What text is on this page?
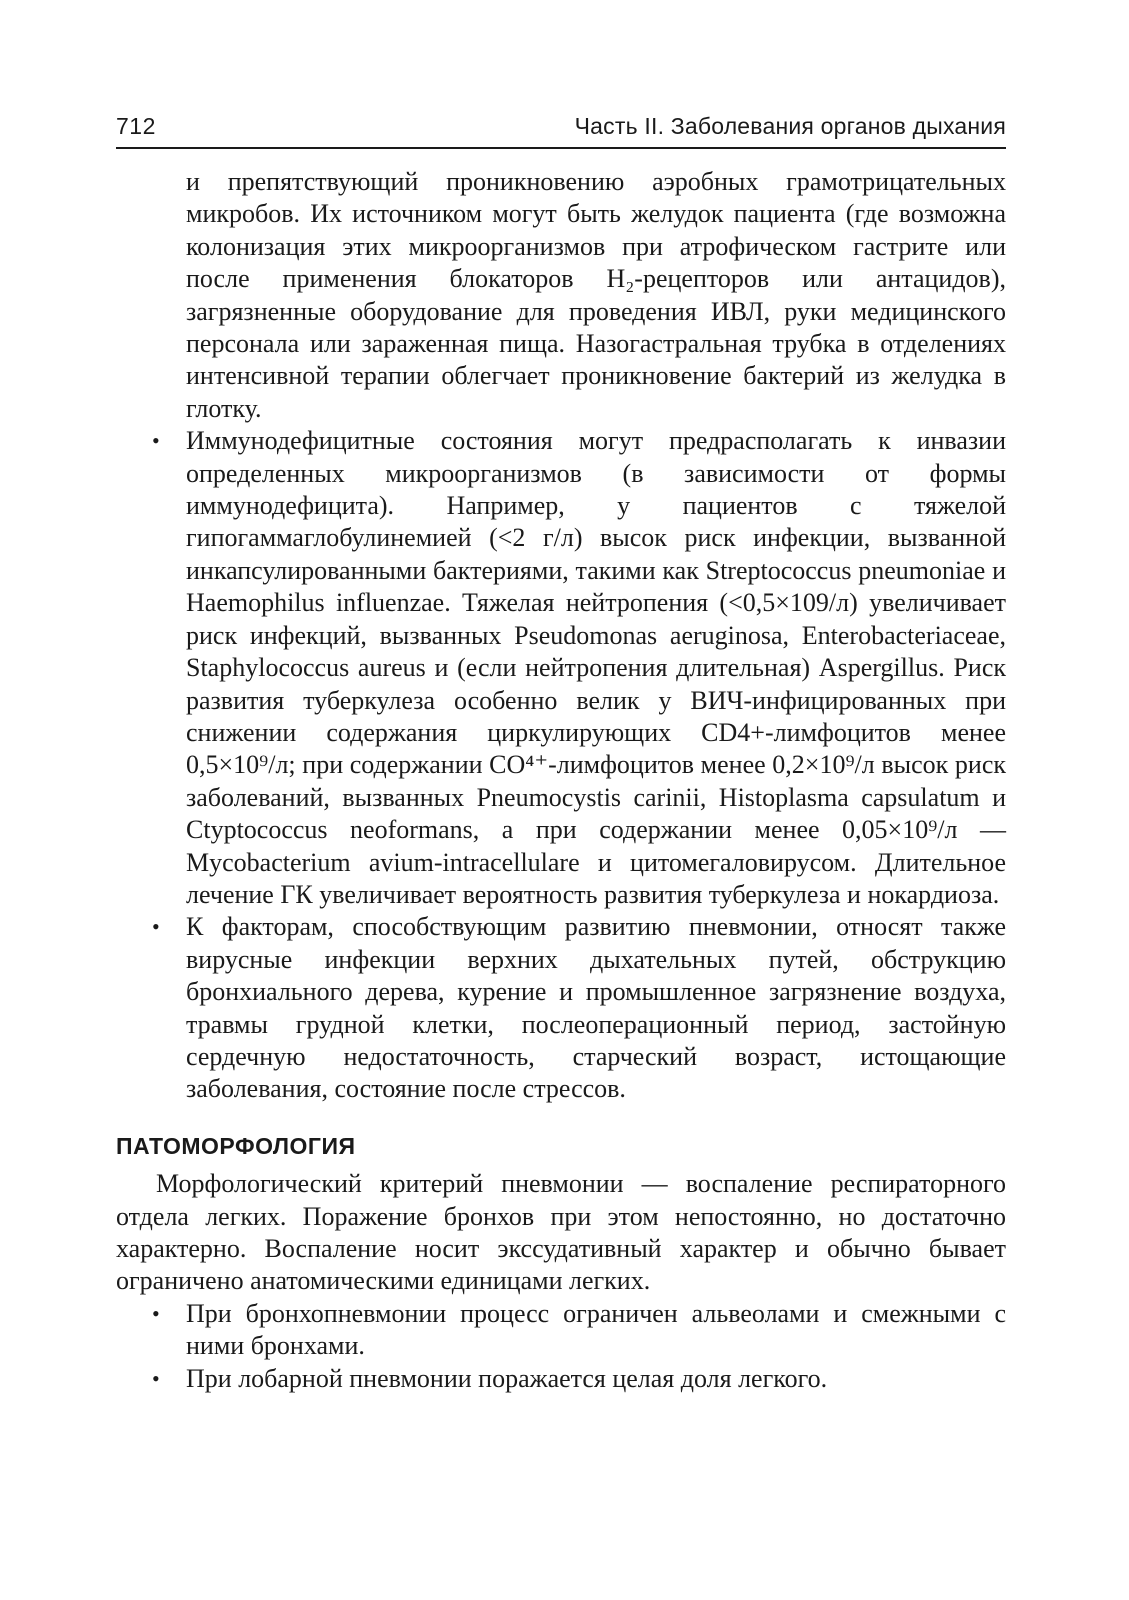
712	Часть II. Заболевания органов дыхания
и препятствующий проникновению аэробных грамотрицательных микробов. Их источником могут быть желудок пациента (где возможна колонизация этих микроорганизмов при атрофическом гастрите или после применения блокаторов H₂-рецепторов или антацидов), загрязненные оборудование для проведения ИВЛ, руки медицинского персонала или зараженная пища. Назогастральная трубка в отделениях интенсивной терапии облегчает проникновение бактерий из желудка в глотку.
• Иммунодефицитные состояния могут предрасполагать к инвазии определенных микроорганизмов (в зависимости от формы иммунодефицита). Например, у пациентов с тяжелой гипогаммаглобулинемией (<2 г/л) высок риск инфекции, вызванной инкапсулированными бактериями, такими как Streptococcus pneumoniae и Haemophilus influenzae. Тяжелая нейтропения (<0,5×109/л) увеличивает риск инфекций, вызванных Pseudomonas aeruginosa, Enterobacteriaceae, Staphylococcus aureus и (если нейтропения длительная) Aspergillus. Риск развития туберкулеза особенно велик у ВИЧ-инфицированных при снижении содержания циркулирующих CD4+-лимфоцитов менее 0,5×10⁹/л; при содержании CO⁴⁺-лимфоцитов менее 0,2×10⁹/л высок риск заболеваний, вызванных Pneumocystis carinii, Histoplasma capsulatum и Ctyptococcus neoformans, а при содержании менее 0,05×10⁹/л — Mycobacterium avium-intracellulare и цитомегаловирусом. Длительное лечение ГК увеличивает вероятность развития туберкулеза и нокардиоза.
• К факторам, способствующим развитию пневмонии, относят также вирусные инфекции верхних дыхательных путей, обструкцию бронхиального дерева, курение и промышленное загрязнение воздуха, травмы грудной клетки, послеоперационный период, застойную сердечную недостаточность, старческий возраст, истощающие заболевания, состояние после стрессов.
ПАТОМОРФОЛОГИЯ
Морфологический критерий пневмонии — воспаление респираторного отдела легких. Поражение бронхов при этом непостоянно, но достаточно характерно. Воспаление носит экссудативный характер и обычно бывает ограничено анатомическими единицами легких.
• При бронхопневмонии процесс ограничен альвеолами и смежными с ними бронхами.
• При лобарной пневмонии поражается целая доля легкого.
